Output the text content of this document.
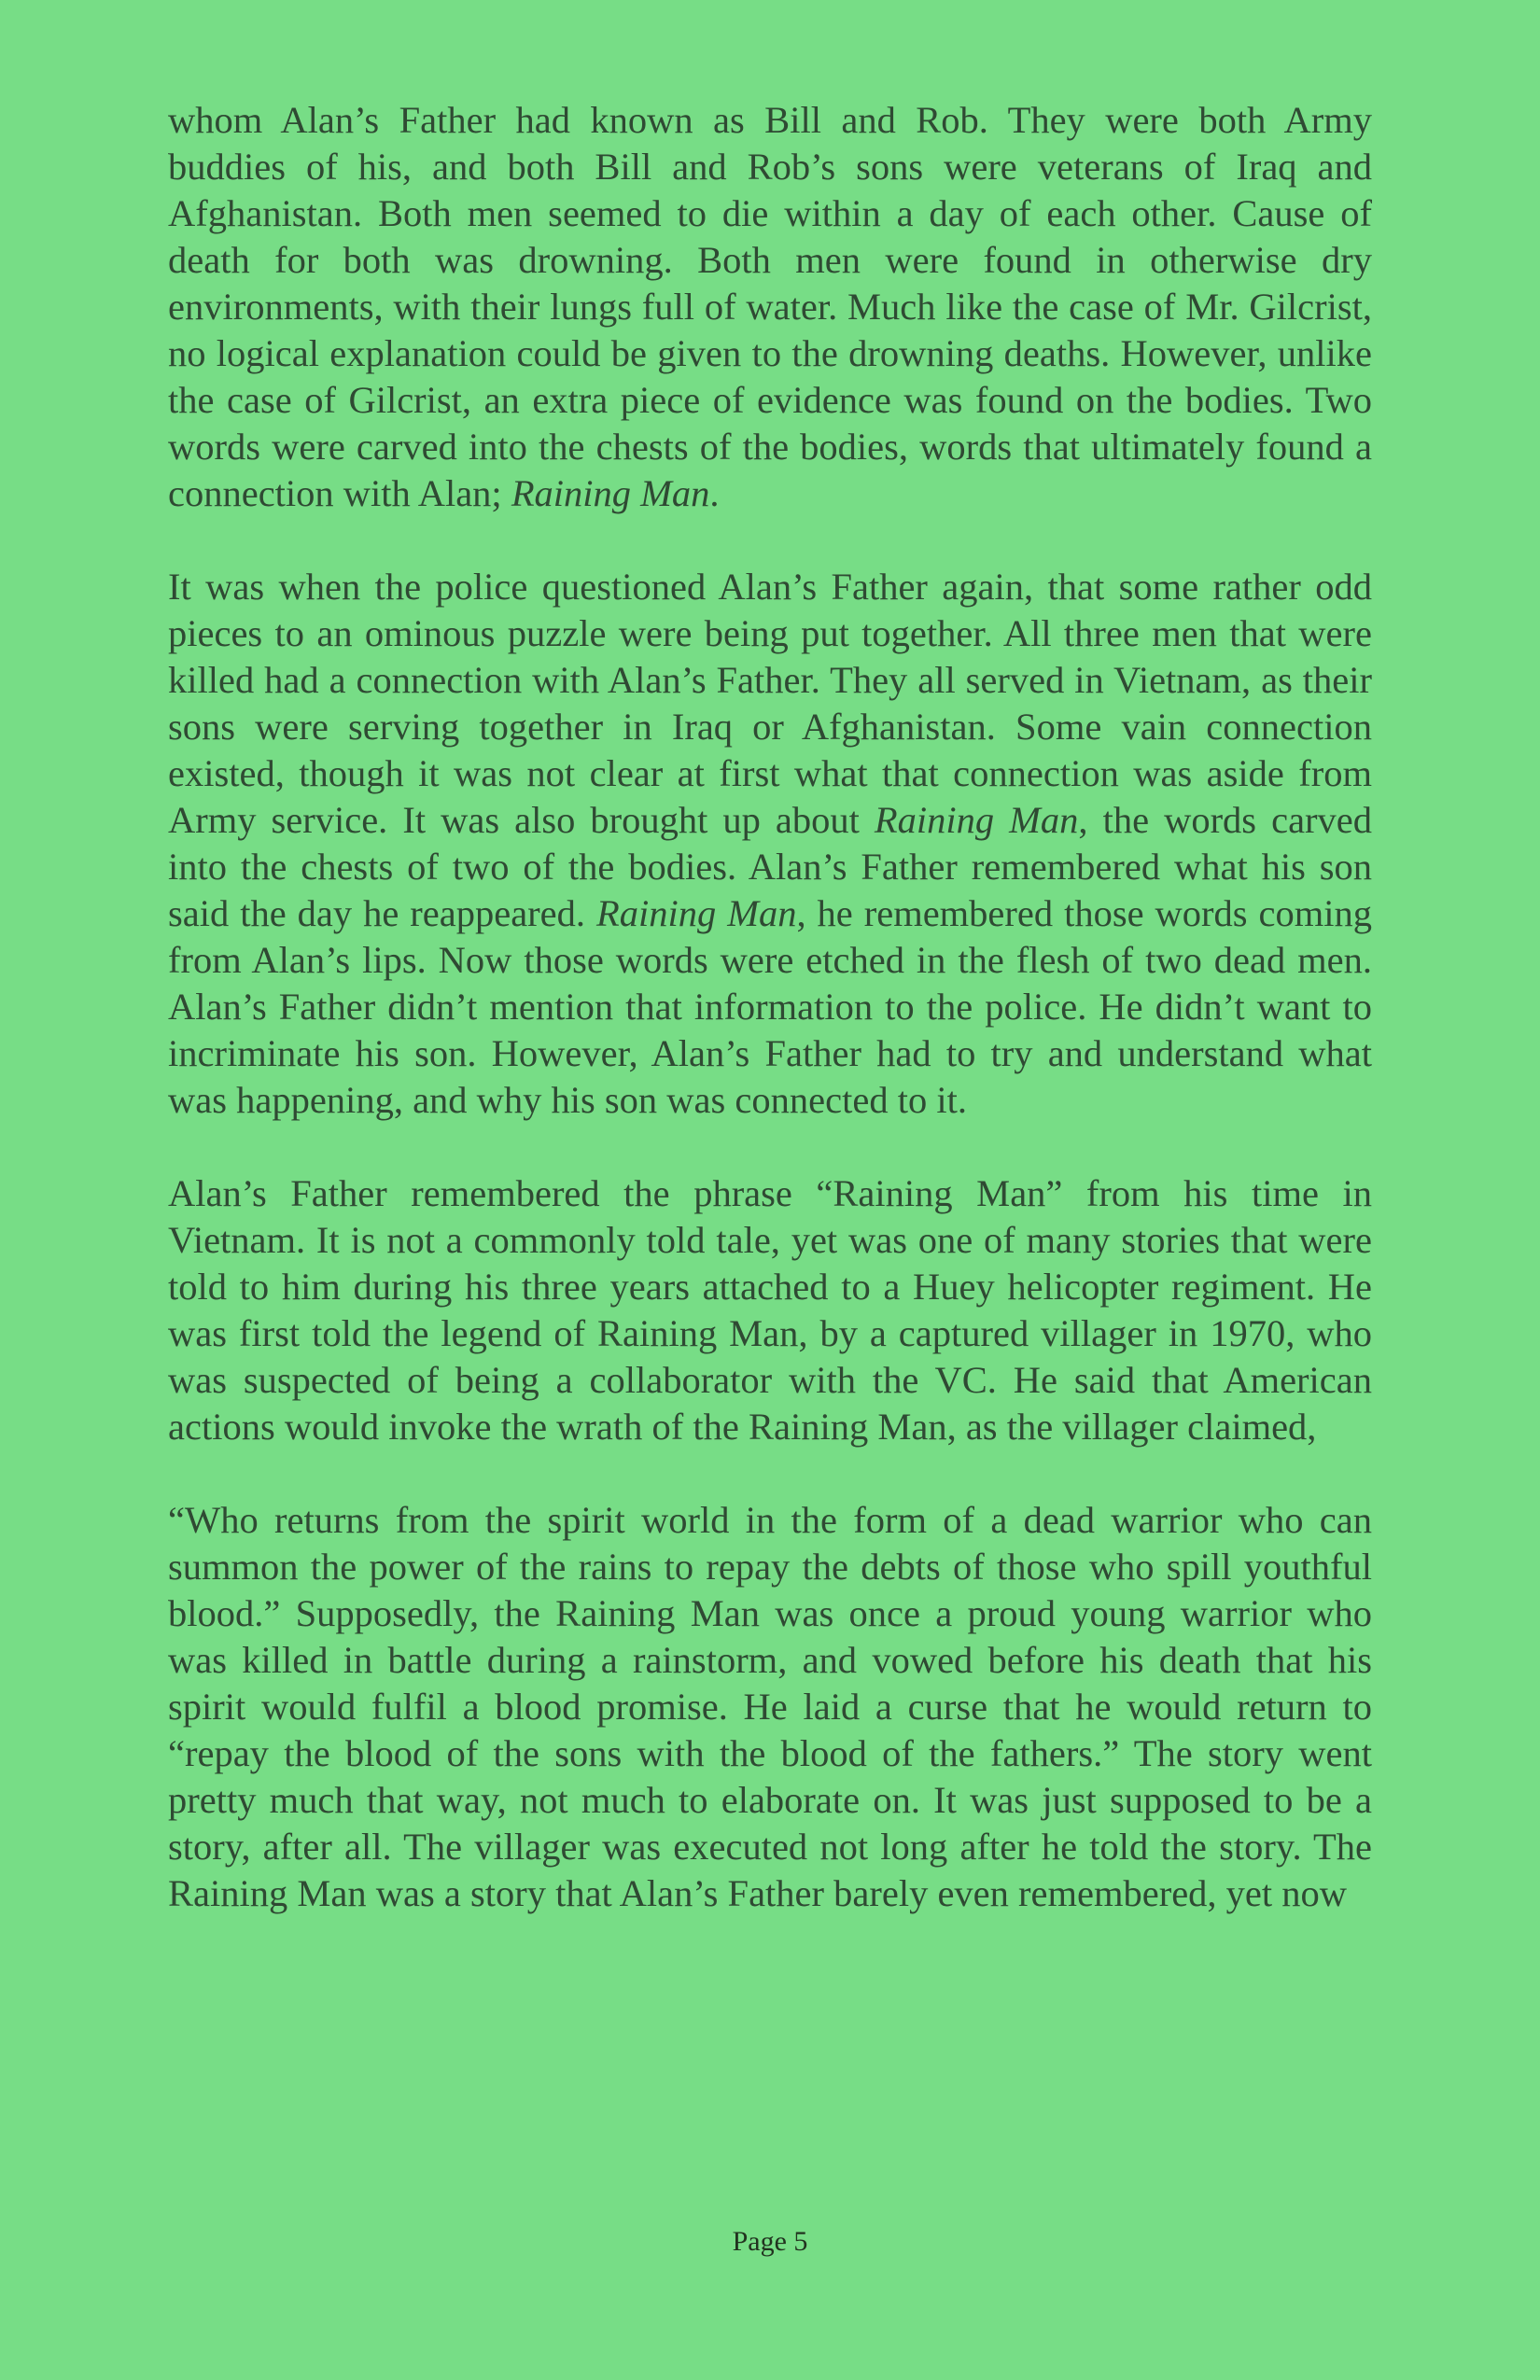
whom Alan’s Father had known as Bill and Rob. They were both Army buddies of his, and both Bill and Rob’s sons were veterans of Iraq and Afghanistan. Both men seemed to die within a day of each other. Cause of death for both was drowning. Both men were found in otherwise dry environments, with their lungs full of water. Much like the case of Mr. Gilcrist, no logical explanation could be given to the drowning deaths. However, unlike the case of Gilcrist, an extra piece of evidence was found on the bodies. Two words were carved into the chests of the bodies, words that ultimately found a connection with Alan; Raining Man.

It was when the police questioned Alan’s Father again, that some rather odd pieces to an ominous puzzle were being put together. All three men that were killed had a connection with Alan’s Father. They all served in Vietnam, as their sons were serving together in Iraq or Afghanistan. Some vain connection existed, though it was not clear at first what that connection was aside from Army service. It was also brought up about Raining Man, the words carved into the chests of two of the bodies. Alan’s Father remembered what his son said the day he reappeared. Raining Man, he remembered those words coming from Alan’s lips. Now those words were etched in the flesh of two dead men. Alan’s Father didn’t mention that information to the police. He didn’t want to incriminate his son. However, Alan’s Father had to try and understand what was happening, and why his son was connected to it.

Alan’s Father remembered the phrase “Raining Man” from his time in Vietnam. It is not a commonly told tale, yet was one of many stories that were told to him during his three years attached to a Huey helicopter regiment. He was first told the legend of Raining Man, by a captured villager in 1970, who was suspected of being a collaborator with the VC. He said that American actions would invoke the wrath of the Raining Man, as the villager claimed,

“Who returns from the spirit world in the form of a dead warrior who can summon the power of the rains to repay the debts of those who spill youthful blood.” Supposedly, the Raining Man was once a proud young warrior who was killed in battle during a rainstorm, and vowed before his death that his spirit would fulfil a blood promise. He laid a curse that he would return to “repay the blood of the sons with the blood of the fathers.” The story went pretty much that way, not much to elaborate on. It was just supposed to be a story, after all. The villager was executed not long after he told the story. The Raining Man was a story that Alan’s Father barely even remembered, yet now

Page 5
